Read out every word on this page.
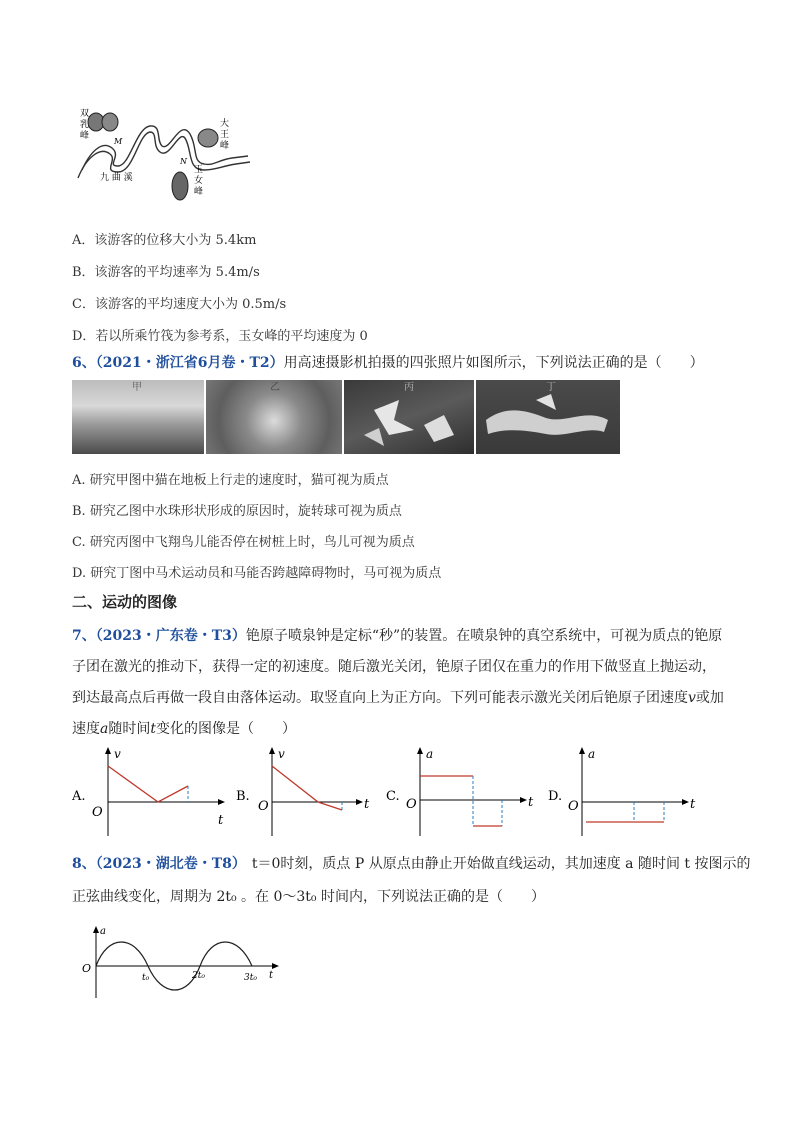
双
乳
峰
大
王
峰
玉
女
峰
九 曲 溪
M
N
A．该游客的位移大小为 5.4km
B．该游客的平均速率为 5.4m/s
C．该游客的平均速度大小为 0.5m/s
D．若以所乘竹筏为参考系，玉女峰的平均速度为 0
6、（2021・浙江省6月卷・T2）用高速摄影机拍摄的四张照片如图所示，下列说法正确的是（　　）
甲	乙	丙	丁
A. 研究甲图中猫在地板上行走的速度时，猫可视为质点
B. 研究乙图中水珠形状形成的原因时，旋转球可视为质点
C. 研究丙图中飞翔鸟儿能否停在树桩上时，鸟儿可视为质点
D. 研究丁图中马术运动员和马能否跨越障碍物时，马可视为质点
二、运动的图像
7、（2023・广东卷・T3）铯原子喷泉钟是定标“秒”的装置。在喷泉钟的真空系统中，可视为质点的铯原
子团在激光的推动下，获得一定的初速度。随后激光关闭，铯原子团仅在重力的作用下做竖直上抛运动，
到达最高点后再做一段自由落体运动。取竖直向上为正方向。下列可能表示激光关闭后铯原子团速度v或加
速度a随时间t变化的图像是（　　）
A.
v
O
t
B.
v
O	t
C.
a
O	t D.
a
O	t
8、（2023・湖北卷・T8） t＝0时刻，质点 P 从原点由静止开始做直线运动，其加速度 a 随时间 t 按图示的
正弦曲线变化，周期为 2t₀ 。在 0～3t₀ 时间内，下列说法正确的是（　　）
a
O
t
t₀	2t₀	3t₀
